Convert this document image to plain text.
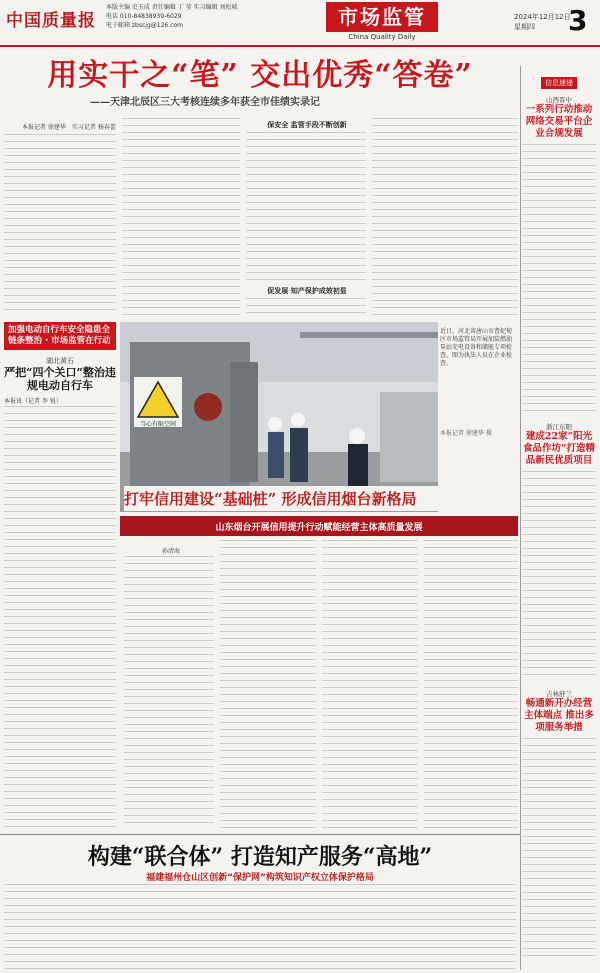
中国质量报
本版主编 史玉成 责任编辑 丁 莹 实习编辑 刘松城
电话 010-84838939-6029
电子邮箱 zbscjg@126.com	市场监管
China Quality Daily
2024年12月12日
星期四	3
用实干之“笔” 交出优秀“答卷”
——天津北辰区三大考核连续多年获全市佳绩实录记
本报记者 徐建华　实习记者 杨春蕾	保安全 监管手段不断创新
促发展 知产保护成效初显
加强电动自行车安全隐患全链条整治 · 市场监管在行动
湖北黄石
严把“四个关口”整治违规电动自行车
本报讯（记者 李 锐）
当心有限空间
近日，河北省唐山市曹妃甸区市场监管局开展加装燃油泵站充电设备和储能专项检查。图为执法人员在企业检查。
本报记者 徐建华 摄
打牢信用建设“基础桩” 形成信用烟台新格局
山东烟台开展信用提升行动赋能经营主体高质量发展
孙清海
构建“联合体” 打造知产服务“高地”
福建福州仓山区创新“保护网”构筑知识产权立体保护格局
信息速递
山西晋中
一系列行动推动网络交易平台企业合规发展
浙江东阳
建成22家“阳光食品作坊”打造精品新民优质项目
吉林舒兰
畅通新开办经营主体端点 推出多项服务举措
